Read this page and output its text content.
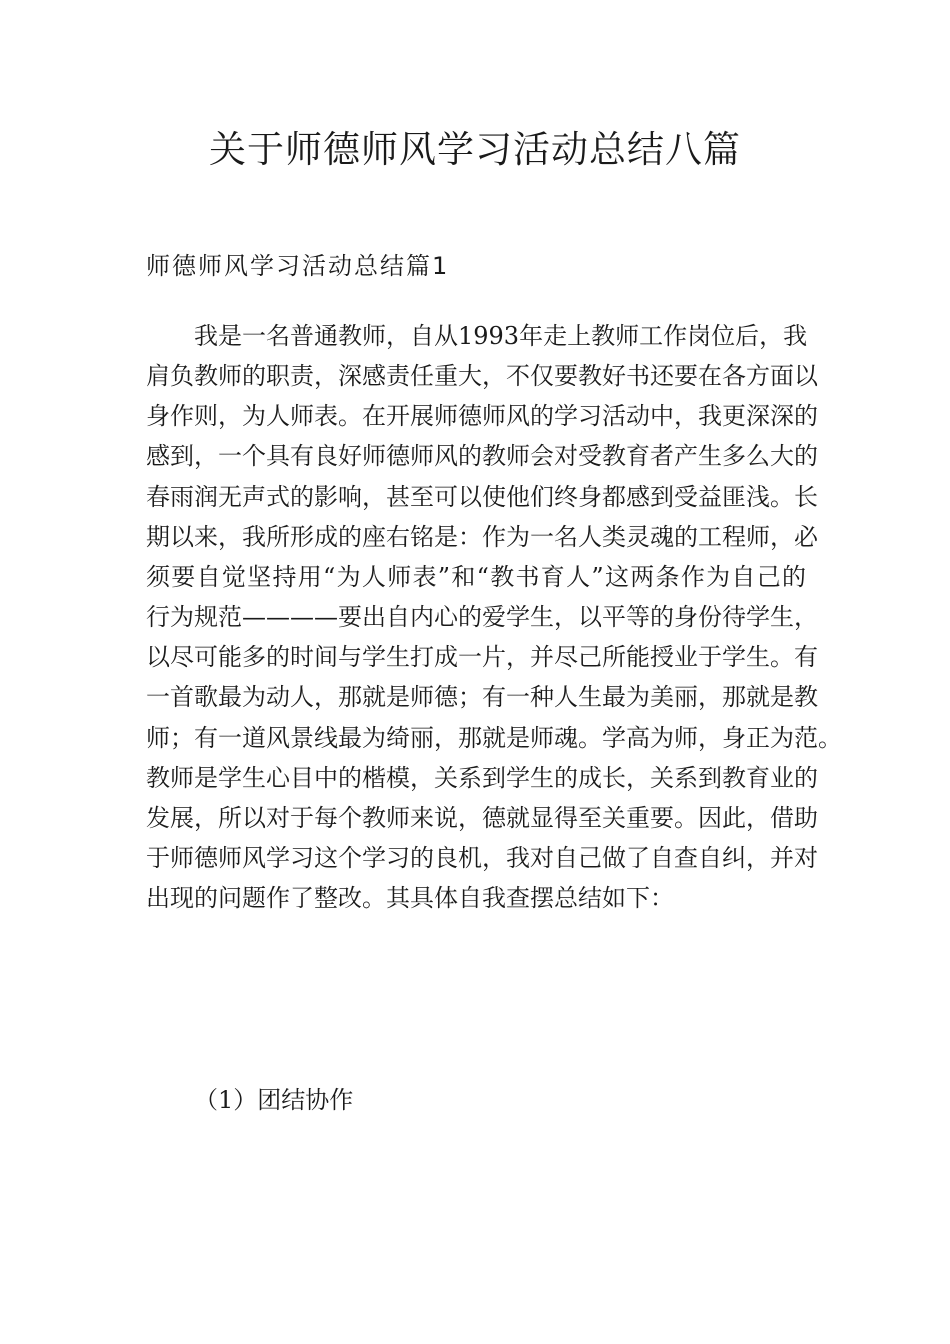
关于师德师风学习活动总结八篇
师德师风学习活动总结篇1
我是一名普通教师，自从1993年走上教师工作岗位后，我
肩负教师的职责，深感责任重大，不仅要教好书还要在各方面以
身作则，为人师表。在开展师德师风的学习活动中，我更深深的
感到，一个具有良好师德师风的教师会对受教育者产生多么大的
春雨润无声式的影响，甚至可以使他们终身都感到受益匪浅。长
期以来，我所形成的座右铭是：作为一名人类灵魂的工程师，必
须要自觉坚持用“为人师表”和“教书育人”这两条作为自己的
行为规范————要出自内心的爱学生，以平等的身份待学生，
以尽可能多的时间与学生打成一片，并尽己所能授业于学生。有
一首歌最为动人，那就是师德；有一种人生最为美丽，那就是教
师；有一道风景线最为绮丽，那就是师魂。学高为师，身正为范。
教师是学生心目中的楷模，关系到学生的成长，关系到教育业的
发展，所以对于每个教师来说，德就显得至关重要。因此，借助
于师德师风学习这个学习的良机，我对自己做了自查自纠，并对
出现的问题作了整改。其具体自我查摆总结如下：
（1）团结协作
